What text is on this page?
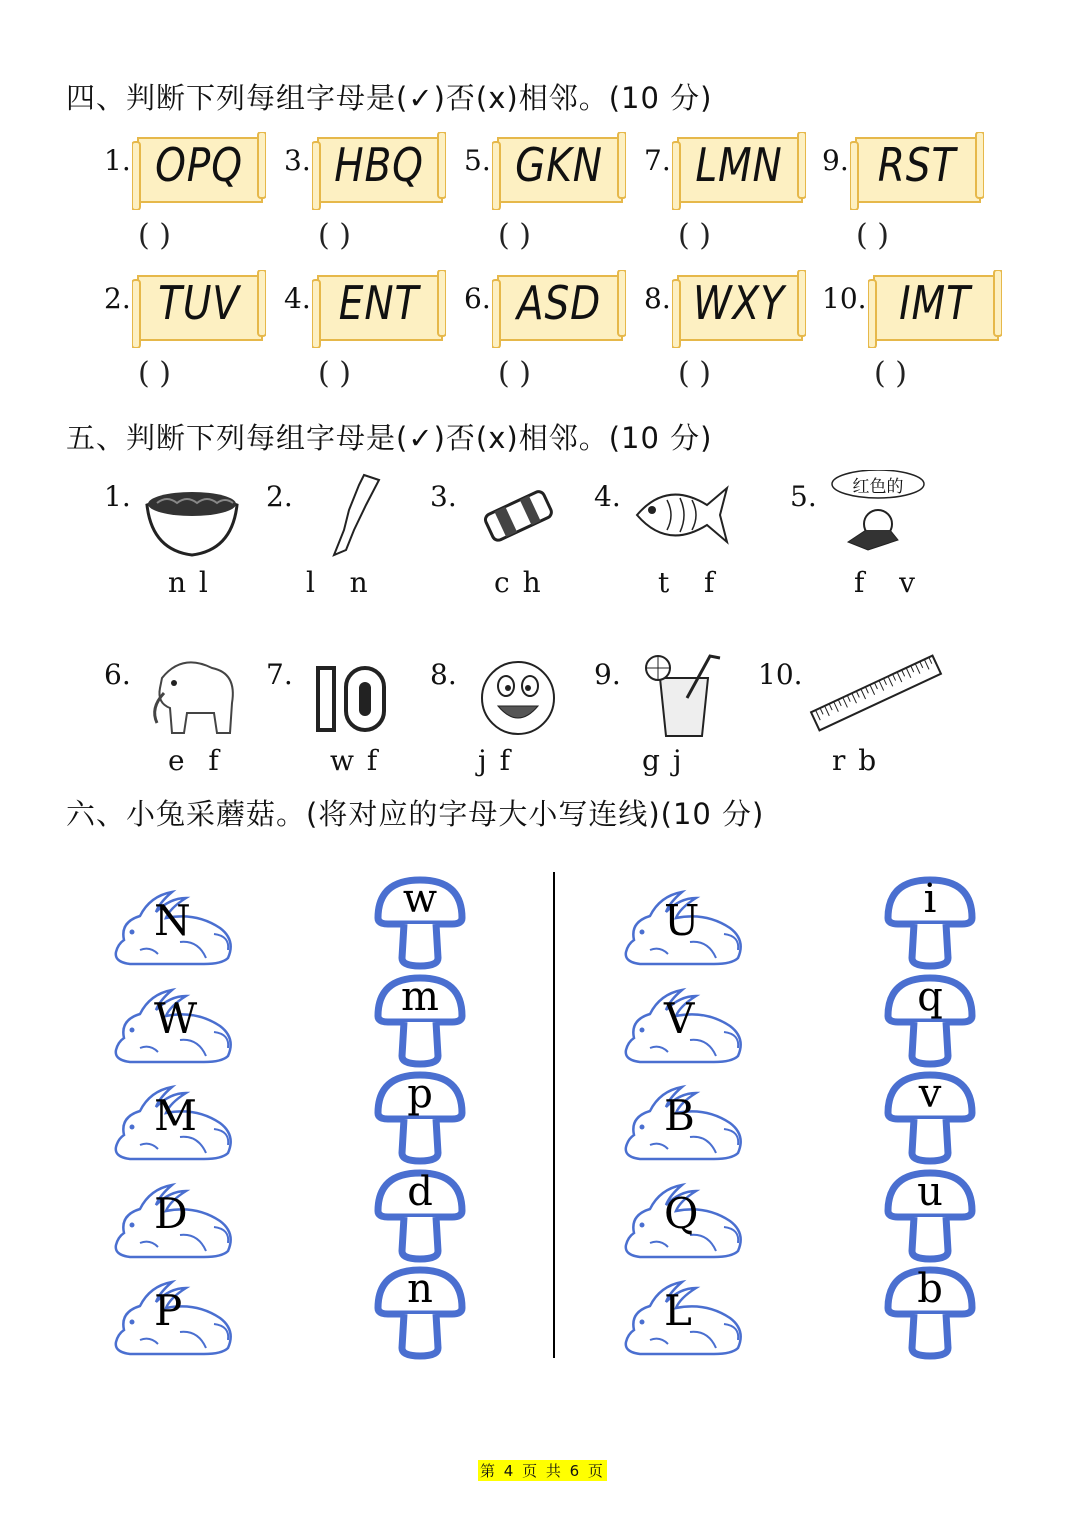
四、判断下列每组字母是(✓)否(x)相邻。(10 分)
1. OPQ
( )
3. HBQ
( )
5. GKN
( )
7. LMN
( )
9. RST
( )
2. TUV
( )
4. ENT
( )
6. ASD
( )
8. WXY
( )
10. IMT
( )
五、判断下列每组字母是(✓)否(x)相邻。(10 分)
1.
n l
2.
l   n
3.
c h
4.
t   f
5.	红色的
f   v
6.
e  f
7.
w f
8.
j f
9.
g j
10.
r b
六、小兔采蘑菇。(将对应的字母大小写连线)(10 分)
N
W
M
D
P
w
m
p
d
n
U
V
B
Q
L
i
q
v
u
b
第 4 页 共 6 页
